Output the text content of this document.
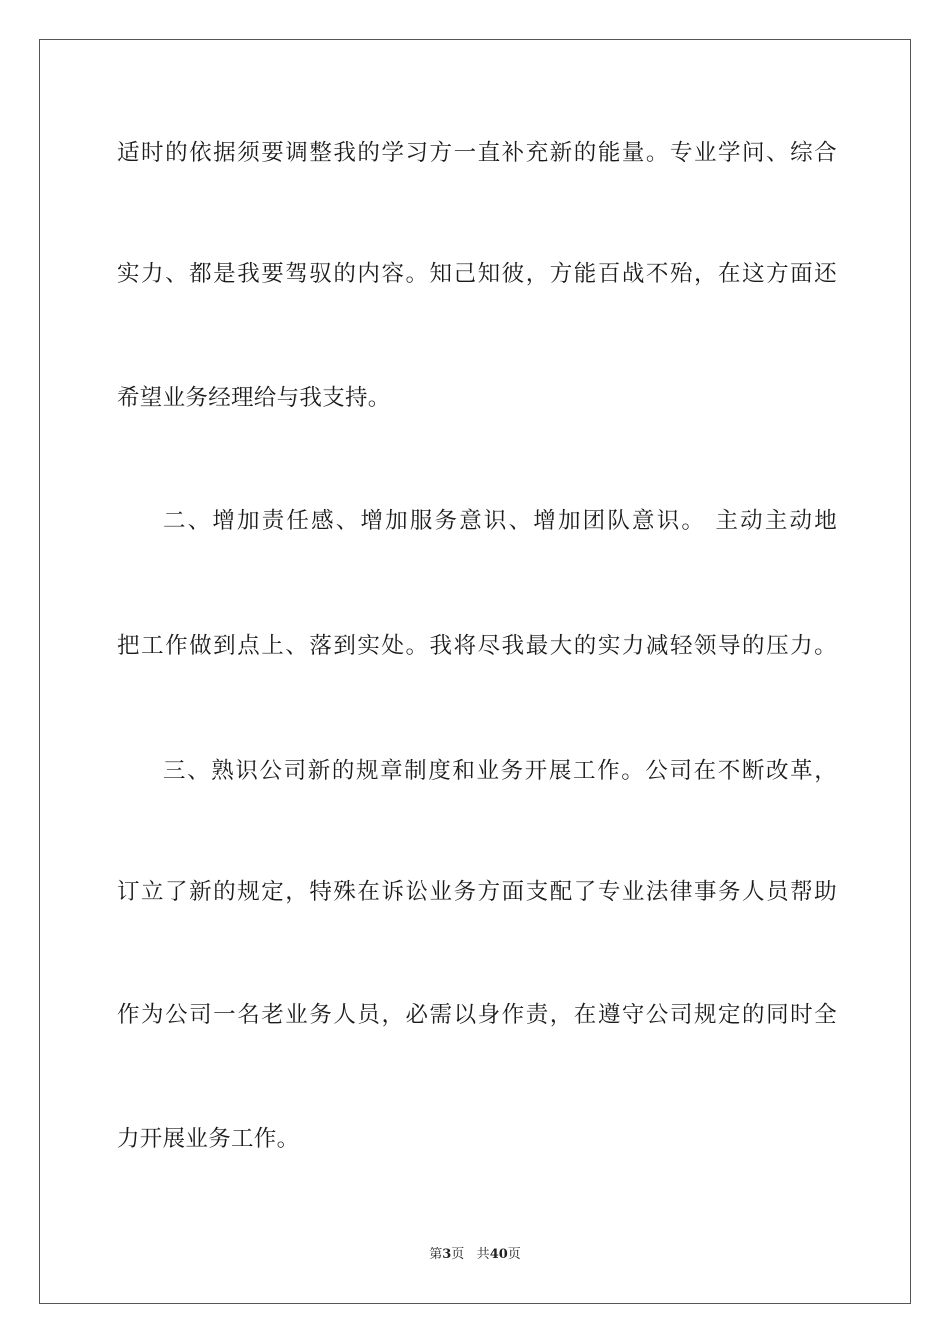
适时的依据须要调整我的学习方一直补充新的能量。专业学问、综合
实力、都是我要驾驭的内容。知己知彼，方能百战不殆，在这方面还
希望业务经理给与我支持。
二、增加责任感、增加服务意识、增加团队意识。 主动主动地
把工作做到点上、落到实处。我将尽我最大的实力减轻领导的压力。
三、熟识公司新的规章制度和业务开展工作。公司在不断改革，
订立了新的规定，特殊在诉讼业务方面支配了专业法律事务人员帮助
作为公司一名老业务人员，必需以身作责，在遵守公司规定的同时全
力开展业务工作。
第3页 共40页
